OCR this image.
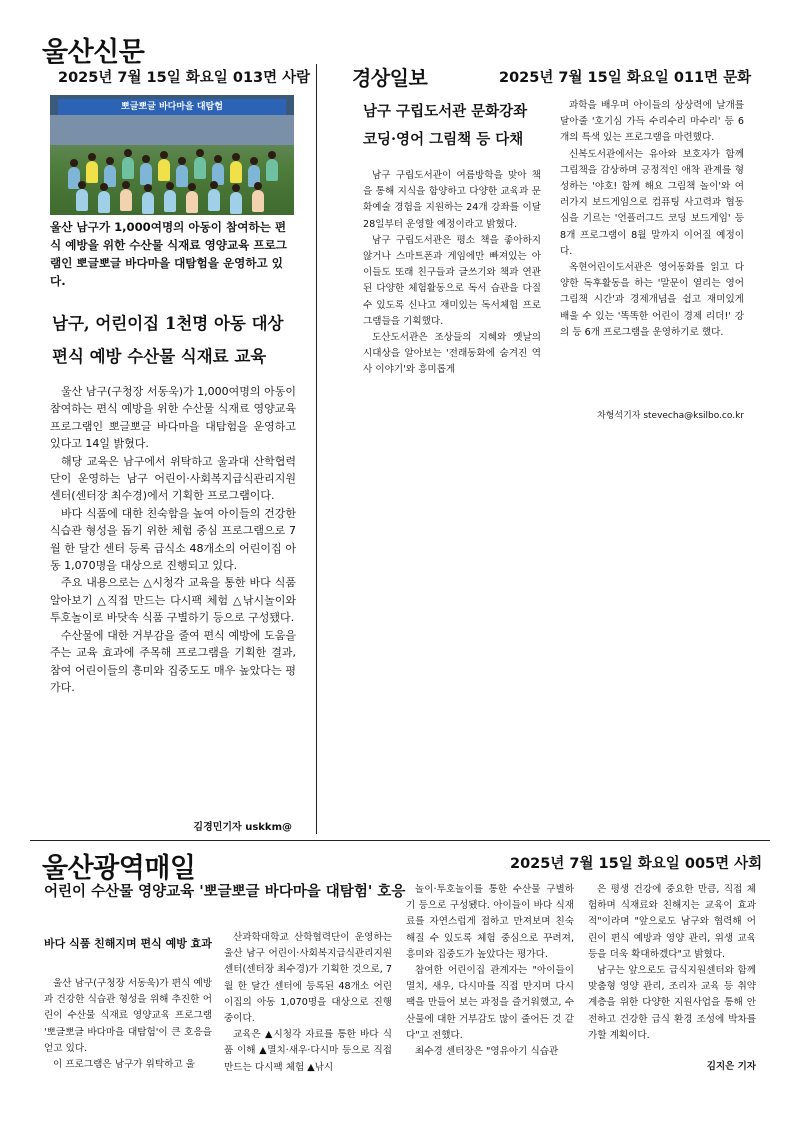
울산신문
2025년 7월 15일 화요일 013면 사람
뽀글뽀글 바다마을 대탐험
울산 남구가 1,000여명의 아동이 참여하는 편식 예방을 위한 수산물 식재료 영양교육 프로그램인 뽀글뽀글 바다마을 대탐험을 운영하고 있다.
남구, 어린이집 1천명 아동 대상
편식 예방 수산물 식재료 교육

울산 남구(구청장 서동욱)가 1,000여명의 아동이 참여하는 편식 예방을 위한 수산물 식재료 영양교육 프로그램인 뽀글뽀글 바다마을 대탐험을 운영하고 있다고 14일 밝혔다.

해당 교육은 남구에서 위탁하고 울과대 산학협력단이 운영하는 남구 어린이·사회복지급식관리지원센터(센터장 최수경)에서 기획한 프로그램이다.

바다 식품에 대한 친숙함을 높여 아이들의 건강한 식습관 형성을 돕기 위한 체험 중심 프로그램으로 7월 한 달간 센터 등록 급식소 48개소의 어린이집 아동 1,070명을 대상으로 진행되고 있다.

주요 내용으로는 △시청각 교육을 통한 바다 식품 알아보기 △직접 만드는 다시팩 체험 △낚시놀이와 투호놀이로 바닷속 식품 구별하기 등으로 구성됐다.

수산물에 대한 거부감을 줄여 편식 예방에 도움을 주는 교육 효과에 주목해 프로그램을 기획한 결과, 참여 어린이들의 흥미와 집중도도 매우 높았다는 평가다.

김경민기자 uskkm@
경상일보	2025년 7월 15일 화요일 011면 문화
남구 구립도서관 문화강좌
코딩·영어 그림책 등 다채

남구 구립도서관이 여름방학을 맞아 책을 통해 지식을 함양하고 다양한 교육과 문화예술 경험을 지원하는 24개 강좌를 이달 28일부터 운영할 예정이라고 밝혔다.

남구 구립도서관은 평소 책을 좋아하지 않거나 스마트폰과 게임에만 빠져있는 아이들도 또래 친구들과 글쓰기와 책과 연관된 다양한 체험활동으로 독서 습관을 다질 수 있도록 신나고 재미있는 독서체험 프로그램들을 기획했다.

도산도서관은 조상들의 지혜와 옛날의 시대상을 알아보는 '전래동화에 숨겨진 역사 이야기'와 흥미롭게

과학을 배우며 아이들의 상상력에 날개를 달아줄 '호기심 가득 수리수리 마수리' 등 6개의 특색 있는 프로그램을 마련했다.

신복도서관에서는 유아와 보호자가 함께 그림책을 감상하며 긍정적인 애착 관계를 형성하는 '야호! 함께 해요 그림책 놀이'와 여러가지 보드게임으로 컴퓨팅 사고력과 협동심을 기르는 '언플러그드 코딩 보드게임' 등 8개 프로그램이 8월 말까지 이어질 예정이다.

옥현어린이도서관은 영어동화를 읽고 다양한 독후활동을 하는 '말문이 열리는 영어그림책 시간'과 경제개념을 쉽고 재미있게 배울 수 있는 '똑똑한 어린이 경제 리더!' 강의 등 6개 프로그램을 운영하기로 했다.

차형석기자 stevecha@ksilbo.co.kr
울산광역매일	2025년 7월 15일 화요일 005면 사회
어린이 수산물 영양교육 '뽀글뽀글 바다마을 대탐험' 호응
바다 식품 친해지며 편식 예방 효과

울산 남구(구청장 서동욱)가 편식 예방과 건강한 식습관 형성을 위해 추진한 어린이 수산물 식재료 영양교육 프로그램 '뽀글뽀글 바다마을 대탐험'이 큰 호응을 얻고 있다.

이 프로그램은 남구가 위탁하고 울

산과학대학교 산학협력단이 운영하는 울산 남구 어린이·사회복지급식관리지원센터(센터장 최수경)가 기획한 것으로, 7월 한 달간 센터에 등록된 48개소 어린이집의 아동 1,070명을 대상으로 진행 중이다.

교육은 ▲시청각 자료를 통한 바다 식품 이해 ▲멸치·새우·다시마 등으로 직접 만드는 다시팩 체험 ▲낚시

놀이·투호놀이를 통한 수산물 구별하기 등으로 구성됐다. 아이들이 바다 식재료를 자연스럽게 접하고 만져보며 친숙해질 수 있도록 체험 중심으로 꾸려져, 흥미와 집중도가 높았다는 평가다.

참여한 어린이집 관계자는 "아이들이 멸치, 새우, 다시마를 직접 만지며 다시팩을 만들어 보는 과정을 즐거워했고, 수산물에 대한 거부감도 많이 줄어든 것 같다"고 전했다.

최수경 센터장은 "영유아기 식습관

은 평생 건강에 중요한 만큼, 직접 체험하며 식재료와 친해지는 교육이 효과적"이라며 "앞으로도 남구와 협력해 어린이 편식 예방과 영양 관리, 위생 교육 등을 더욱 확대하겠다"고 밝혔다.

남구는 앞으로도 급식지원센터와 함께 맞춤형 영양 관리, 조리자 교육 등 취약계층을 위한 다양한 지원사업을 통해 안전하고 건강한 급식 환경 조성에 박차를 가할 계획이다.

김지은 기자
